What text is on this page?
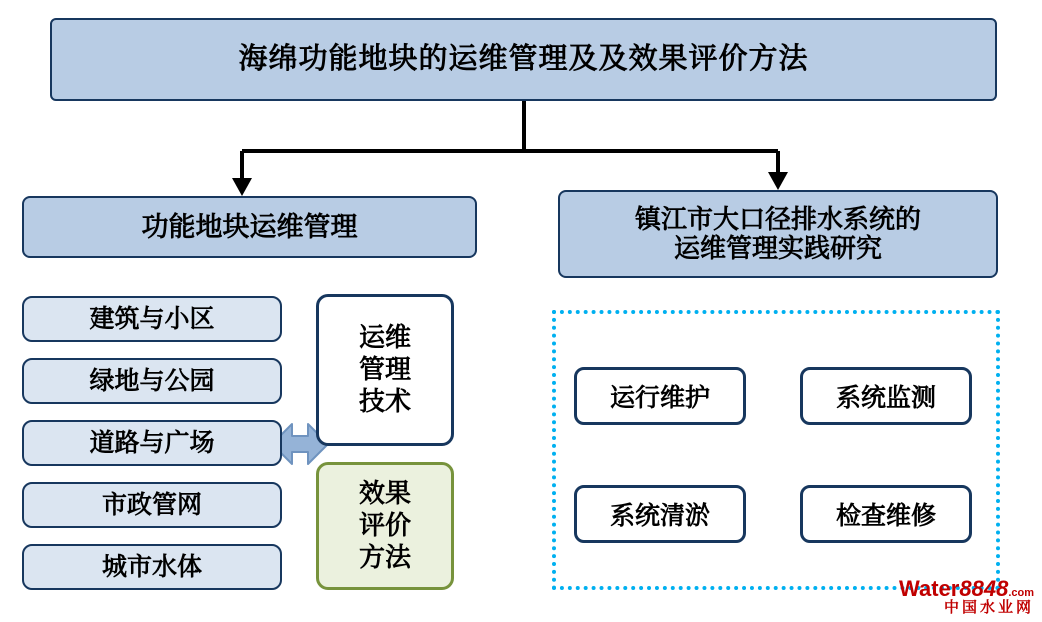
海绵功能地块的运维管理及及效果评价方法
功能地块运维管理	镇江市大口径排水系统的
运维管理实践研究
建筑与小区
绿地与公园
道路与广场
市政管网
城市水体
运维
管理
技术
效果
评价
方法
运行维护	系统监测
系统清淤	检查维修
Water8848.com
中国水业网
